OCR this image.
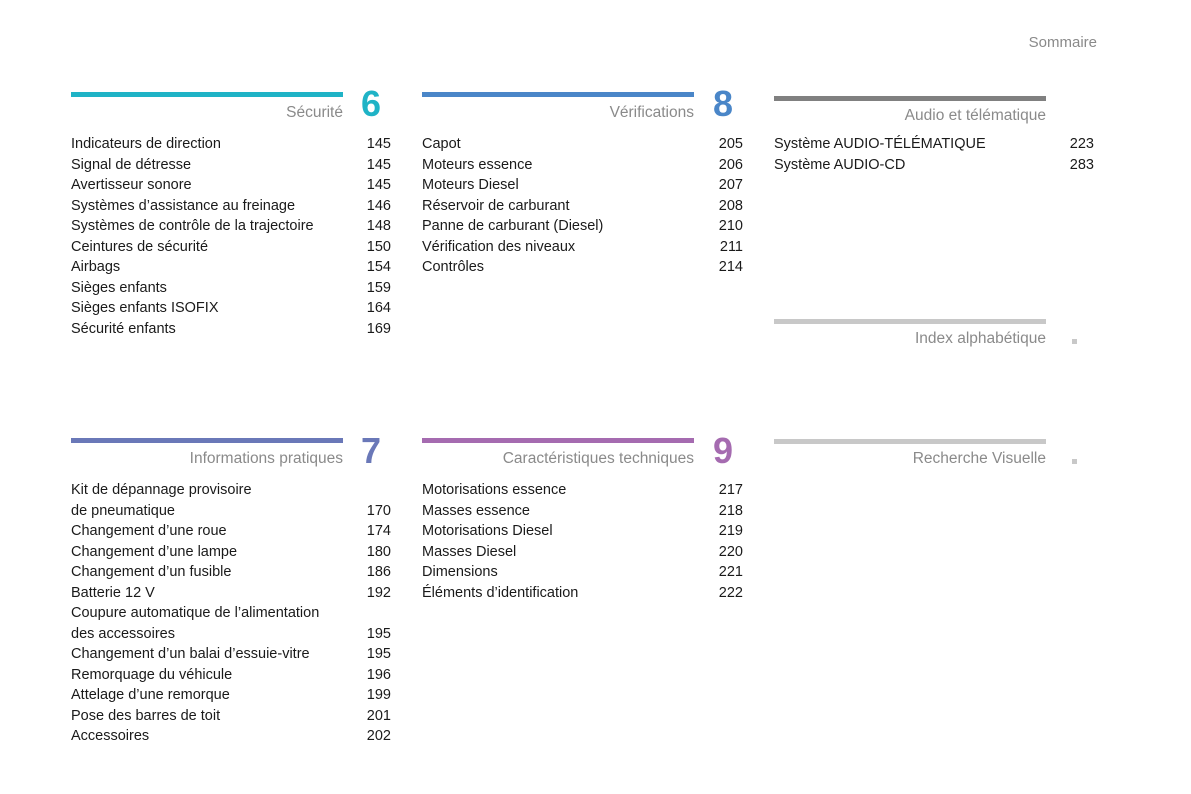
Sommaire
Sécurité 6
Indicateurs de direction	145
Signal de détresse	145
Avertisseur sonore	145
Systèmes d’assistance au freinage	146
Systèmes de contrôle de la trajectoire	148
Ceintures de sécurité	150
Airbags	154
Sièges enfants	159
Sièges enfants ISOFIX	164
Sécurité enfants	169
Vérifications 8
Capot	205
Moteurs essence	206
Moteurs Diesel	207
Réservoir de carburant	208
Panne de carburant (Diesel)	210
Vérification des niveaux	211
Contrôles	214
Audio et télématique
Système AUDIO-TÉLÉMATIQUE	223
Système AUDIO-CD	283
Index alphabétique
Informations pratiques 7
Kit de dépannage provisoire
de pneumatique	170
Changement d’une roue	174
Changement d’une lampe	180
Changement d’un fusible	186
Batterie 12 V	192
Coupure automatique de l’alimentation
des accessoires	195
Changement d’un balai d’essuie-vitre	195
Remorquage du véhicule	196
Attelage d’une remorque	199
Pose des barres de toit	201
Accessoires	202
Caractéristiques techniques 9
Motorisations essence	217
Masses essence	218
Motorisations Diesel	219
Masses Diesel	220
Dimensions	221
Éléments d’identification	222
Recherche Visuelle
